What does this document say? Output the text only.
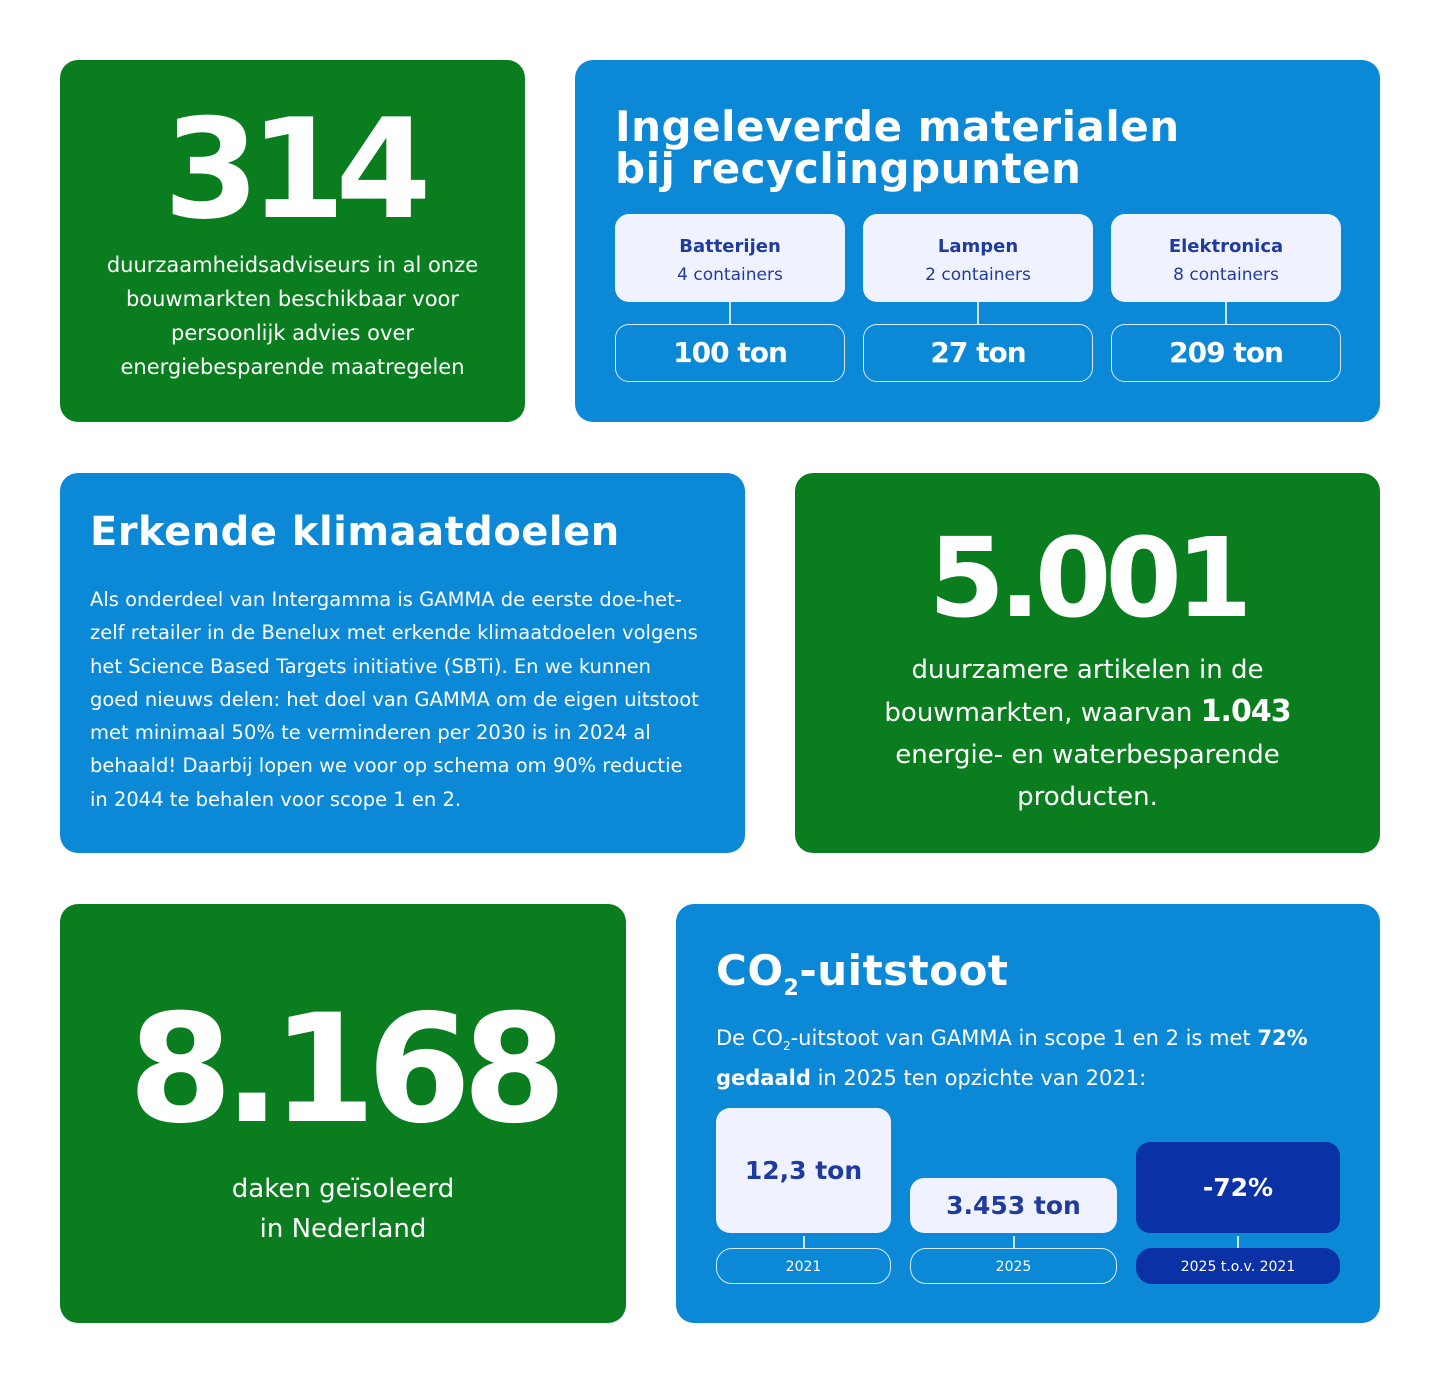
314
duurzaamheidsadviseurs in al onze bouwmarkten beschikbaar voor persoonlijk advies over energiebesparende maatregelen
Ingeleverde materialen
bij recyclingpunten
Batterijen
4 containers
100 ton
Lampen
2 containers
27 ton
Elektronica
8 containers
209 ton
Erkende klimaatdoelen
Als onderdeel van Intergamma is GAMMA de eerste doe-het-zelf retailer in de Benelux met erkende klimaatdoelen volgens het Science Based Targets initiative (SBTi). En we kunnen goed nieuws delen: het doel van GAMMA om de eigen uitstoot met minimaal 50% te verminderen per 2030 is in 2024 al behaald! Daarbij lopen we voor op schema om 90% reductie in 2044 te behalen voor scope 1 en 2.
5.001
duurzamere artikelen in de bouwmarkten, waarvan 1.043 energie- en waterbesparende producten.
8.168
daken geïsoleerd
in Nederland
$CO_2$-uitstoot
De $CO_2$-uitstoot van GAMMA in scope 1 en 2 is met 72% gedaald in 2025 ten opzichte van 2021:
12,3 ton
2021
3.453 ton
2025
-72%
2025 t.o.v. 2021
